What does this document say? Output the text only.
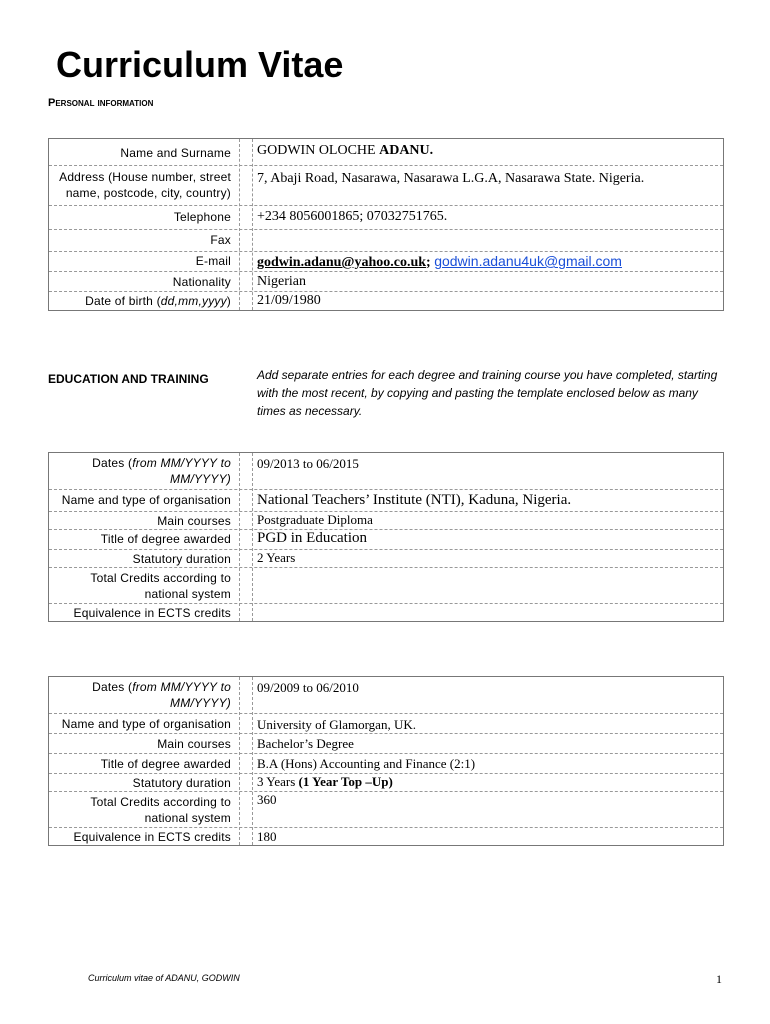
Curriculum Vitae
Personal information
Name and Surname GODWIN OLOCHE ADANU.
Address (House number, street
name, postcode, city, country)
7, Abaji Road, Nasarawa, Nasarawa L.G.A, Nasarawa State. Nigeria.
Telephone +234 8056001865; 07032751765.
Fax
E-mail godwin.adanu@yahoo.co.uk; godwin.adanu4uk@gmail.com
Nationality Nigerian
Date of birth (dd,mm,yyyy) 21/09/1980
EDUCATION AND TRAINING	Add separate entries for each degree and training course you have completed, starting with the most recent, by copying and pasting the template enclosed below as many times as necessary.
Dates (from MM/YYYY to
MM/YYYY)
09/2013 to 06/2015
Name and type of organisation National Teachers’ Institute (NTI), Kaduna, Nigeria.
Main courses Postgraduate Diploma
Title of degree awarded PGD in Education
Statutory duration 2 Years
Total Credits according to
national system
Equivalence in ECTS credits
Dates (from MM/YYYY to
MM/YYYY)
09/2009 to 06/2010
Name and type of organisation University of Glamorgan, UK.
Main courses Bachelor’s Degree
Title of degree awarded B.A (Hons) Accounting and Finance (2:1)
Statutory duration 3 Years (1 Year Top –Up)
Total Credits according to
national system
360
Equivalence in ECTS credits 180
Curriculum vitae of ADANU, GODWIN	1
